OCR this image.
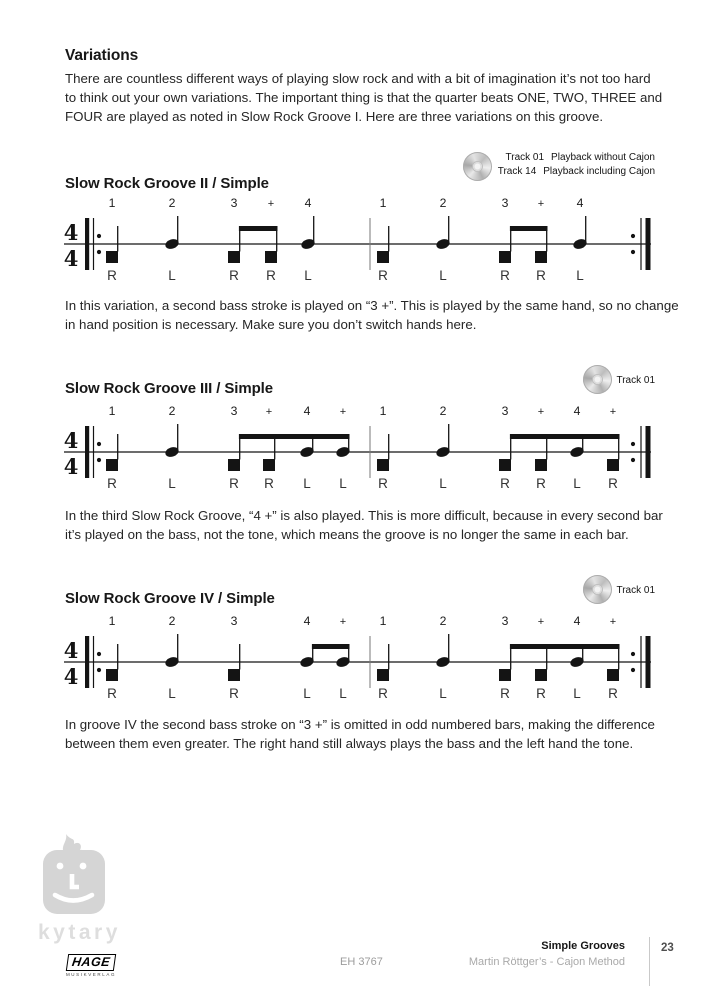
Variations
There are countless different ways of playing slow rock and with a bit of imagination it’s not too hard
to think out your own variations. The important thing is that the quarter beats ONE, TWO, THREE and
FOUR are played as noted in Slow Rock Groove I. Here are three variations on this groove.
Track 01 Playback without Cajon
Track 14 Playback including Cajon
Slow Rock Groove II / Simple
4
4
1
R
2
L
3
R
+
R
4
L
1
R
2
L
3
R
+
R
4
L
In this variation, a second bass stroke is played on “3 +”. This is played by the same hand, so no change
in hand position is necessary. Make sure you don’t switch hands here.
Track 01
Slow Rock Groove III / Simple
4
4
1
R
2
L
3
R
+
R
4
L
+
L
1
R
2
L
3
R
+
R
4
L
+
R
In the third Slow Rock Groove, “4 +” is also played. This is more difficult, because in every second bar
it’s played on the bass, not the tone, which means the groove is no longer the same in each bar.
Track 01
Slow Rock Groove IV / Simple
4
4
1
R
2
L
3
R
4
L
+
L
1
R
2
L
3
R
+
R
4
L
+
R
In groove IV the second bass stroke on “3 +” is omitted in odd numbered bars, making the difference
between them even greater. The right hand still always plays the bass and the left hand the tone.
kytary
HAGE
MUSIKVERLAG
EH 3767
Simple Grooves
Martin Röttger’s - Cajon Method
23
